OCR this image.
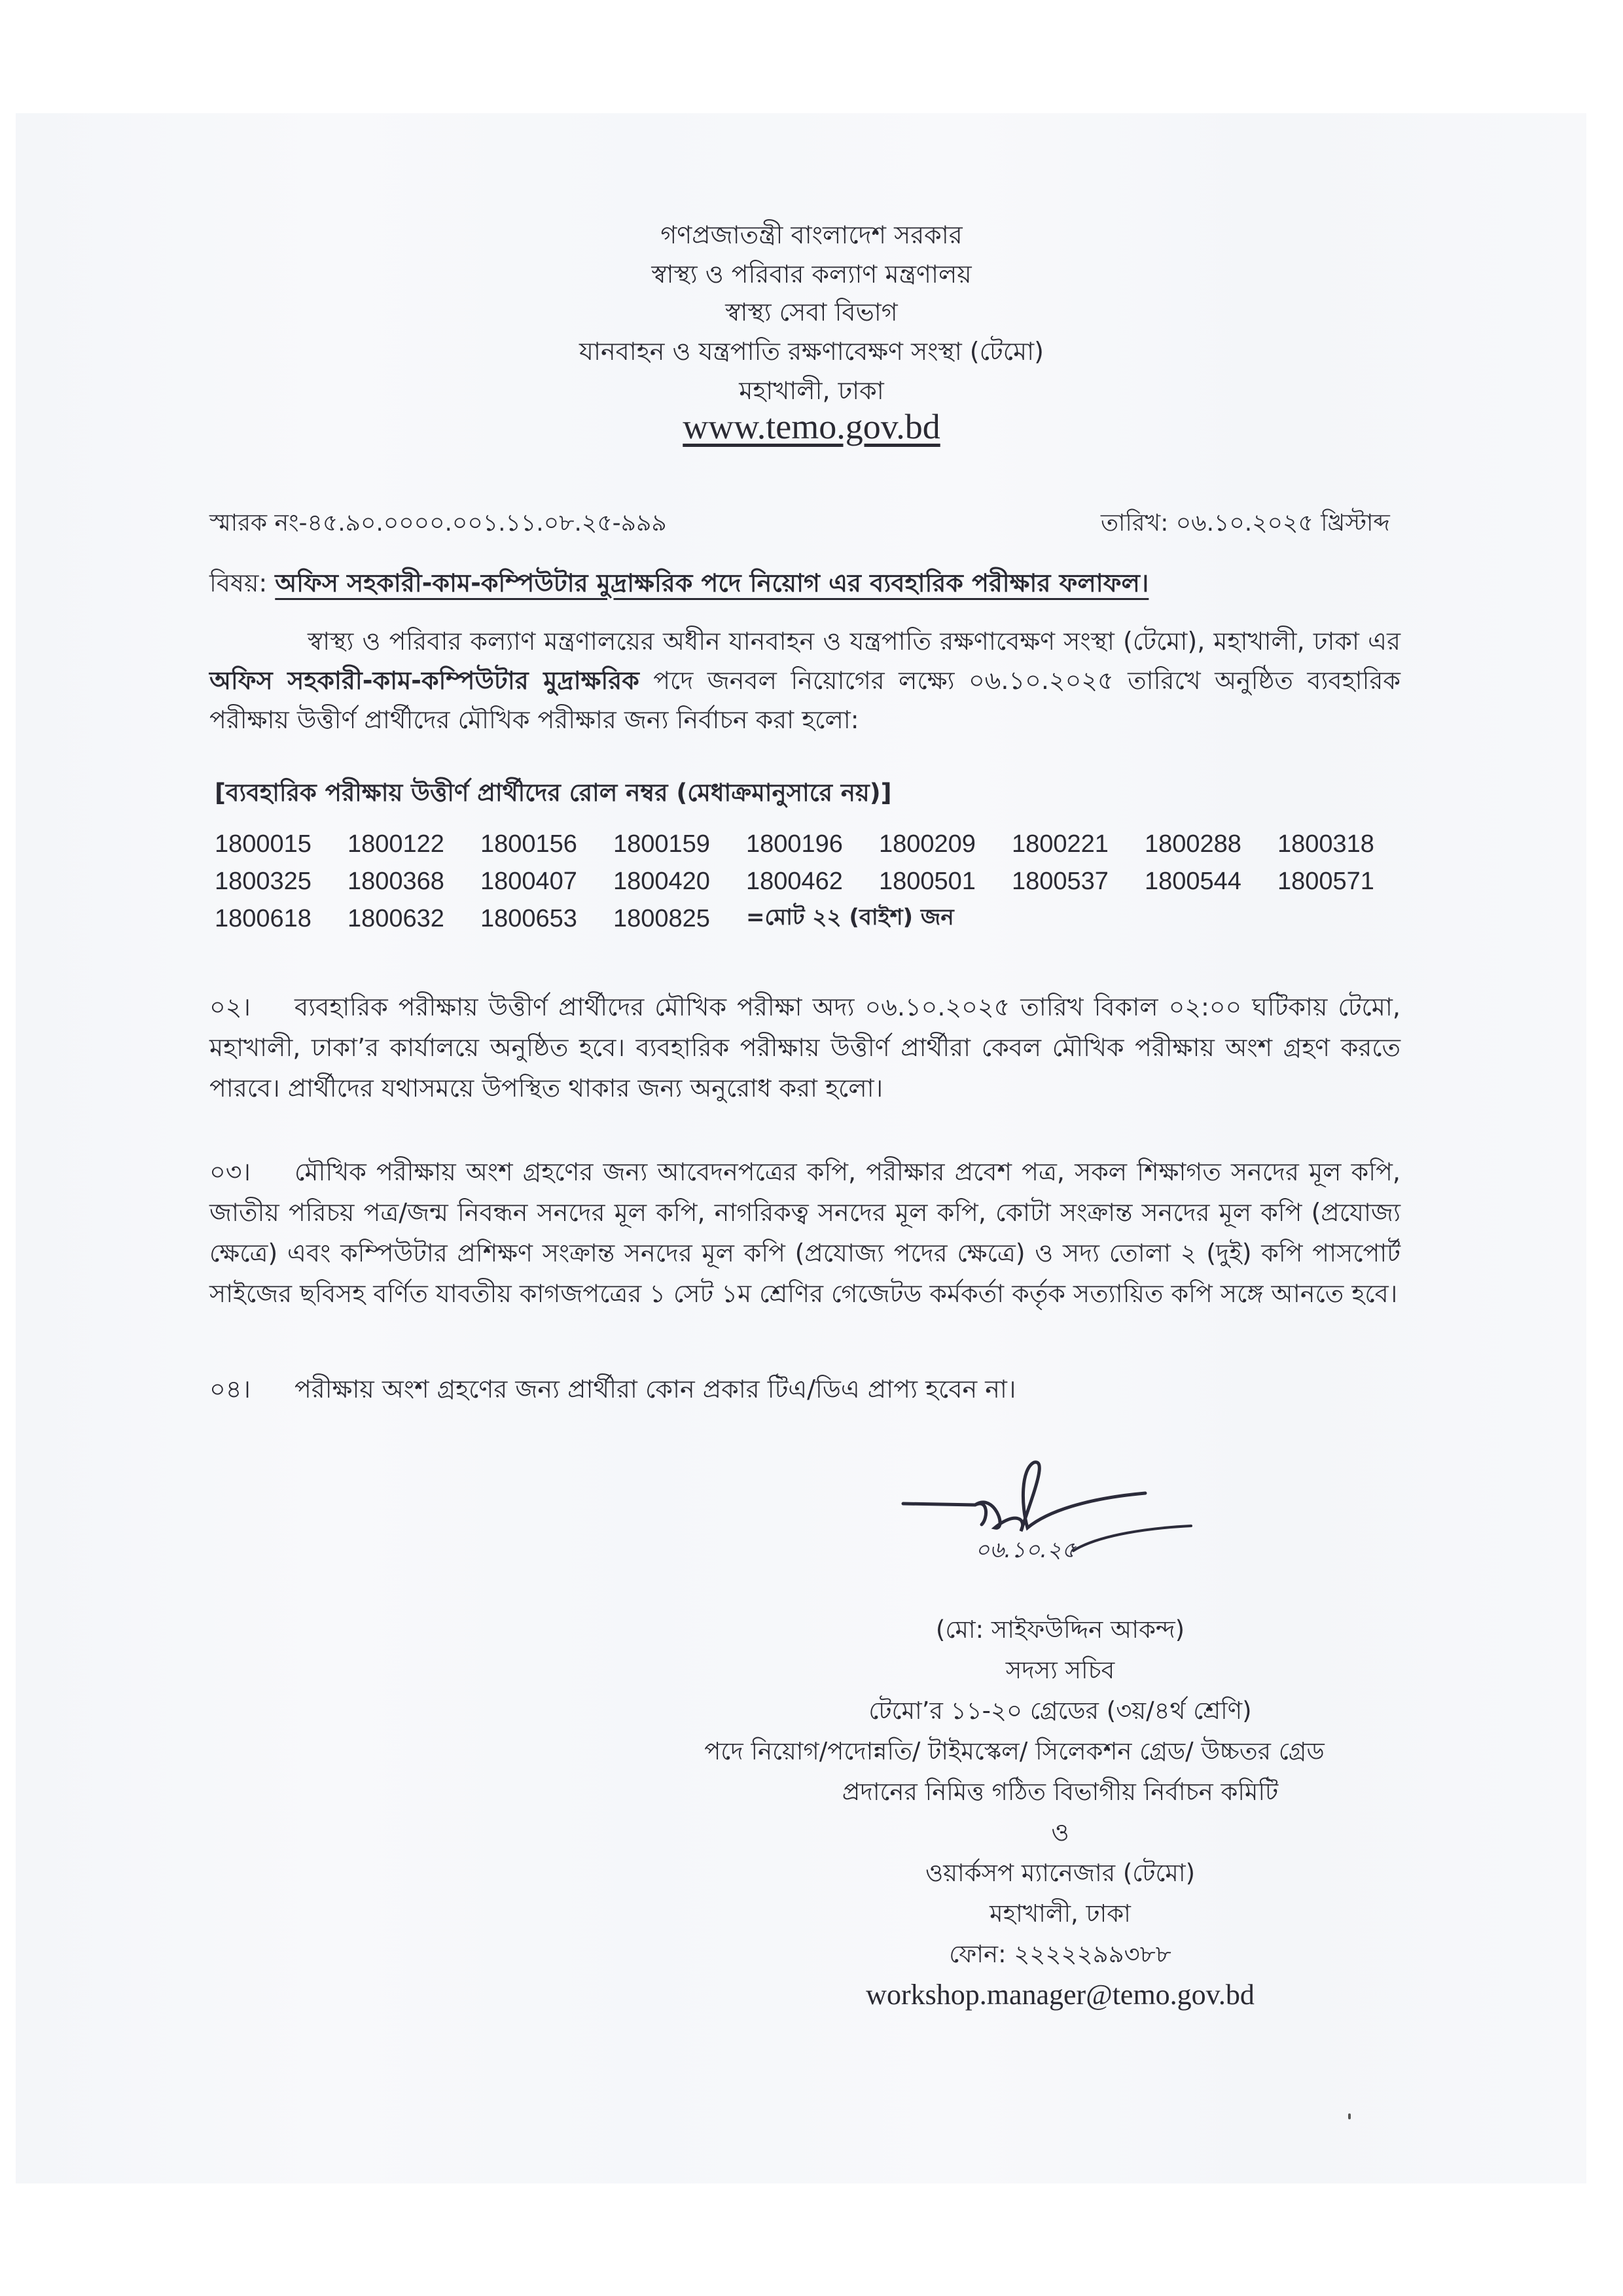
গণপ্রজাতন্ত্রী বাংলাদেশ সরকার
স্বাস্থ্য ও পরিবার কল্যাণ মন্ত্রণালয়
স্বাস্থ্য সেবা বিভাগ
যানবাহন ও যন্ত্রপাতি রক্ষণাবেক্ষণ সংস্থা (টেমো)
মহাখালী, ঢাকা
www.temo.gov.bd
স্মারক নং-৪৫.৯০.০০০০.০০১.১১.০৮.২৫-৯৯৯	তারিখ: ০৬.১০.২০২৫ খ্রিস্টাব্দ
বিষয়: অফিস সহকারী-কাম-কম্পিউটার মুদ্রাক্ষরিক পদে নিয়োগ এর ব্যবহারিক পরীক্ষার ফলাফল।
স্বাস্থ্য ও পরিবার কল্যাণ মন্ত্রণালয়ের অধীন যানবাহন ও যন্ত্রপাতি রক্ষণাবেক্ষণ সংস্থা (টেমো), মহাখালী, ঢাকা এর অফিস সহকারী-কাম-কম্পিউটার মুদ্রাক্ষরিক পদে জনবল নিয়োগের লক্ষ্যে ০৬.১০.২০২৫ তারিখে অনুষ্ঠিত ব্যবহারিক পরীক্ষায় উত্তীর্ণ প্রার্থীদের মৌখিক পরীক্ষার জন্য নির্বাচন করা হলো:
[ব্যবহারিক পরীক্ষায় উত্তীর্ণ প্রার্থীদের রোল নম্বর (মেধাক্রমানুসারে নয়)]
1800015	1800122	1800156	1800159	1800196	1800209	1800221	1800288	1800318
1800325	1800368	1800407	1800420	1800462	1800501	1800537	1800544	1800571
1800618	1800632	1800653	1800825	=মোট ২২ (বাইশ) জন
০২। ব্যবহারিক পরীক্ষায় উত্তীর্ণ প্রার্থীদের মৌখিক পরীক্ষা অদ্য ০৬.১০.২০২৫ তারিখ বিকাল ০২:০০ ঘটিকায় টেমো, মহাখালী, ঢাকা’র কার্যালয়ে অনুষ্ঠিত হবে। ব্যবহারিক পরীক্ষায় উত্তীর্ণ প্রার্থীরা কেবল মৌখিক পরীক্ষায় অংশ গ্রহণ করতে পারবে। প্রার্থীদের যথাসময়ে উপস্থিত থাকার জন্য অনুরোধ করা হলো।
০৩। মৌখিক পরীক্ষায় অংশ গ্রহণের জন্য আবেদনপত্রের কপি, পরীক্ষার প্রবেশ পত্র, সকল শিক্ষাগত সনদের মূল কপি, জাতীয় পরিচয় পত্র/জন্ম নিবন্ধন সনদের মূল কপি, নাগরিকত্ব সনদের মূল কপি, কোটা সংক্রান্ত সনদের মূল কপি (প্রযোজ্য ক্ষেত্রে) এবং কম্পিউটার প্রশিক্ষণ সংক্রান্ত সনদের মূল কপি (প্রযোজ্য পদের ক্ষেত্রে) ও সদ্য তোলা ২ (দুই) কপি পাসপোর্ট সাইজের ছবিসহ বর্ণিত যাবতীয় কাগজপত্রের ১ সেট ১ম শ্রেণির গেজেটড কর্মকর্তা কর্তৃক সত্যায়িত কপি সঙ্গে আনতে হবে।
০৪। পরীক্ষায় অংশ গ্রহণের জন্য প্রার্থীরা কোন প্রকার টিএ/ডিএ প্রাপ্য হবেন না।
০৬.১০.২৫
(মো: সাইফউদ্দিন আকন্দ)
সদস্য সচিব
টেমো’র ১১-২০ গ্রেডের (৩য়/৪র্থ শ্রেণি)
পদে নিয়োগ/পদোন্নতি/ টাইমস্কেল/ সিলেকশন গ্রেড/ উচ্চতর গ্রেড
প্রদানের নিমিত্ত গঠিত বিভাগীয় নির্বাচন কমিটি
ও
ওয়ার্কসপ ম্যানেজার (টেমো)
মহাখালী, ঢাকা
ফোন: ২২২২২৯৯৩৮৮
workshop.manager@temo.gov.bd
